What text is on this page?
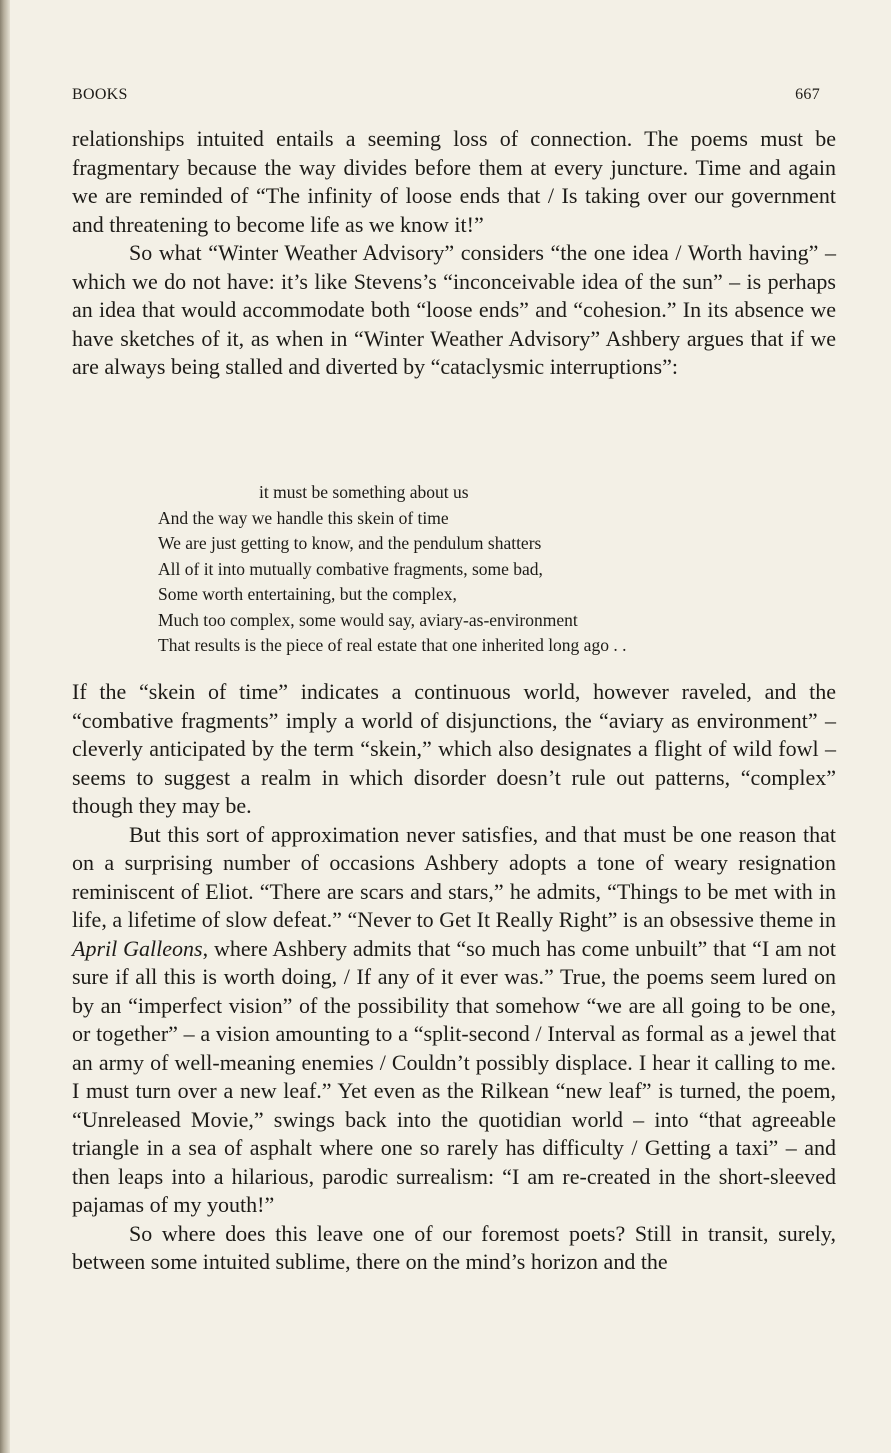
BOOKS	667

relationships intuited entails a seeming loss of connection. The poems must be fragmentary because the way divides before them at every juncture. Time and again we are reminded of “The infinity of loose ends that / Is taking over our government and threatening to become life as we know it!”

So what “Winter Weather Advisory” considers “the one idea / Worth having” – which we do not have: it’s like Stevens’s “inconceivable idea of the sun” – is perhaps an idea that would accommodate both “loose ends” and “cohesion.” In its absence we have sketches of it, as when in “Winter Weather Advisory” Ashbery argues that if we are always being stalled and diverted by “cataclysmic interruptions”:

it must be something about us
And the way we handle this skein of time
We are just getting to know, and the pendulum shatters
All of it into mutually combative fragments, some bad,
Some worth entertaining, but the complex,
Much too complex, some would say, aviary-as-environment
That results is the piece of real estate that one inherited long ago . .

If the “skein of time” indicates a continuous world, however raveled, and the “combative fragments” imply a world of disjunctions, the “aviary as environment” – cleverly anticipated by the term “skein,” which also designates a flight of wild fowl – seems to suggest a realm in which disorder doesn’t rule out patterns, “complex” though they may be.

But this sort of approximation never satisfies, and that must be one reason that on a surprising number of occasions Ashbery adopts a tone of weary resignation reminiscent of Eliot. “There are scars and stars,” he admits, “Things to be met with in life, a lifetime of slow defeat.” “Never to Get It Really Right” is an obsessive theme in April Galleons, where Ashbery admits that “so much has come unbuilt” that “I am not sure if all this is worth doing, / If any of it ever was.” True, the poems seem lured on by an “imperfect vision” of the possibility that somehow “we are all going to be one, or together” – a vision amounting to a “split-second / Interval as formal as a jewel that an army of well-meaning enemies / Couldn’t possibly displace. I hear it calling to me. I must turn over a new leaf.” Yet even as the Rilkean “new leaf” is turned, the poem, “Unreleased Movie,” swings back into the quotidian world – into “that agreeable triangle in a sea of asphalt where one so rarely has difficulty / Getting a taxi” – and then leaps into a hilarious, parodic surrealism: “I am re-created in the short-sleeved pajamas of my youth!”

So where does this leave one of our foremost poets? Still in transit, surely, between some intuited sublime, there on the mind’s horizon and the
